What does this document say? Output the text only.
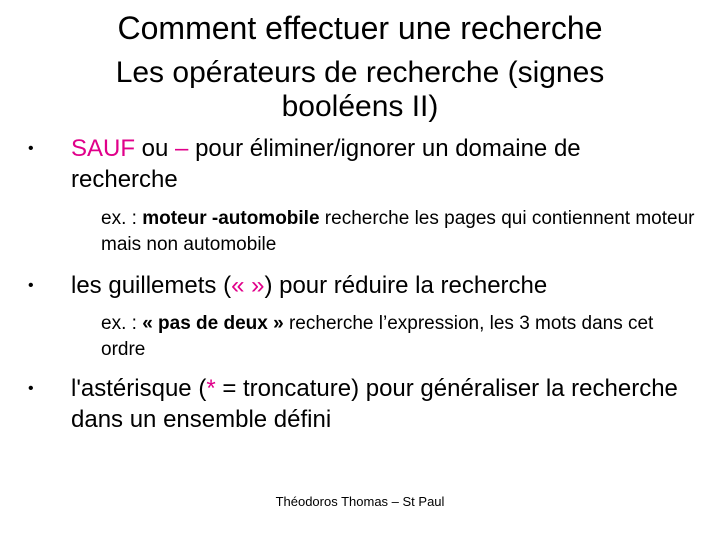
Comment effectuer une recherche
Les opérateurs de recherche (signes booléens II)
•	SAUF ou – pour éliminer/ignorer un domaine de recherche
ex. : moteur -automobile recherche les pages qui contiennent moteur mais non automobile
•	les guillemets (« ») pour réduire la recherche
ex. : « pas de deux » recherche l’expression, les 3 mots dans cet ordre
•	l'astérisque (* = troncature) pour généraliser la recherche dans un ensemble défini
Théodoros Thomas – St Paul
